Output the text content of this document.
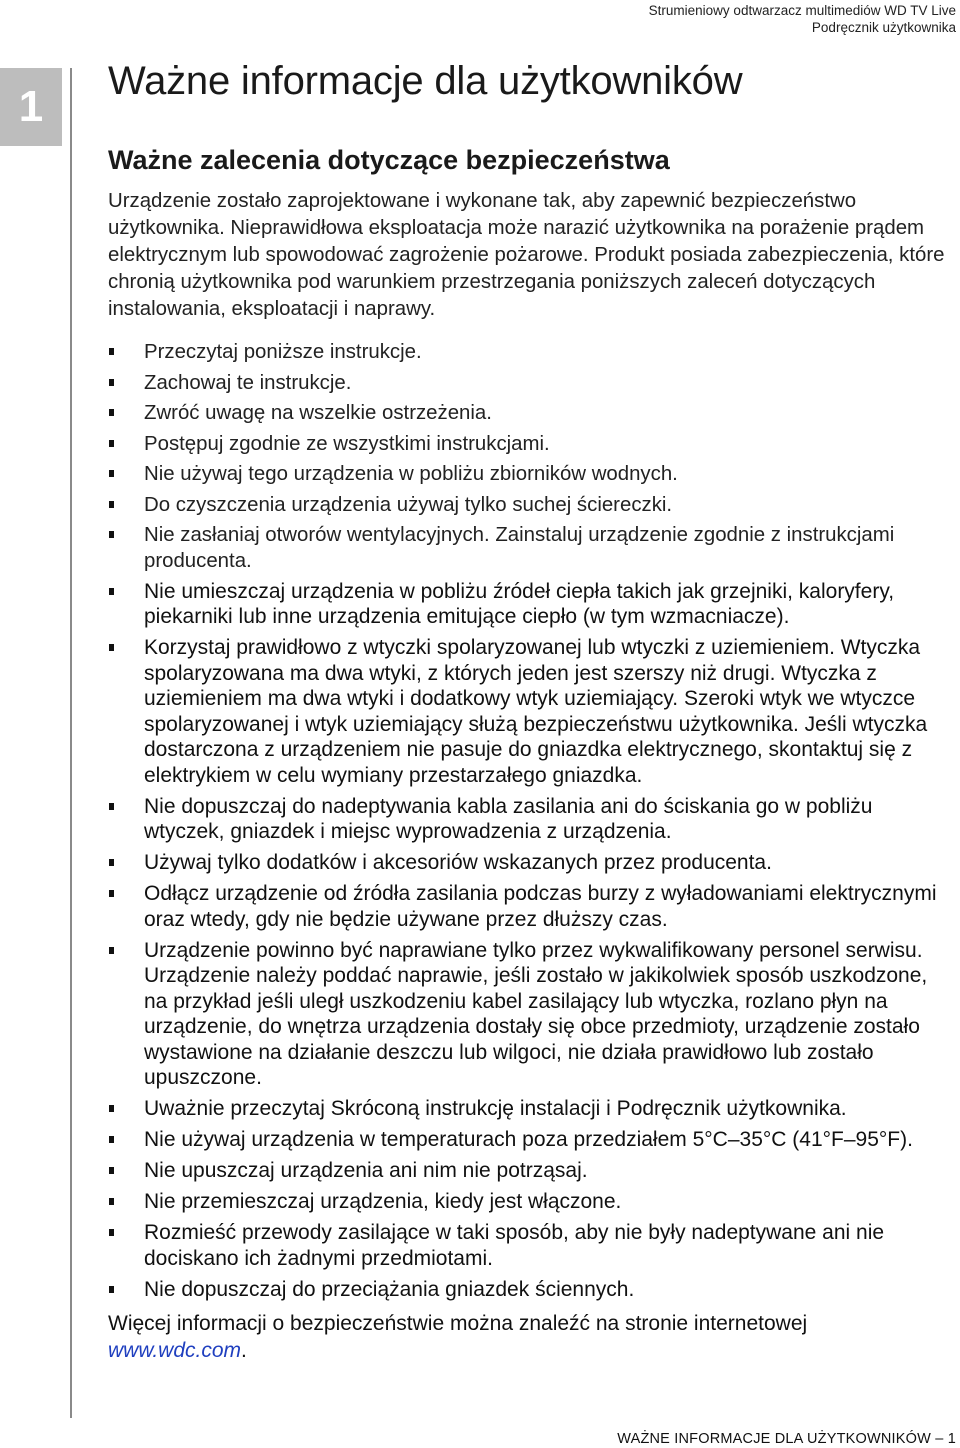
Strumieniowy odtwarzacz multimediów WD TV Live
Podręcznik użytkownika
1
Ważne informacje dla użytkowników
Ważne zalecenia dotyczące bezpieczeństwa

Urządzenie zostało zaprojektowane i wykonane tak, aby zapewnić bezpieczeństwo użytkownika. Nieprawidłowa eksploatacja może narazić użytkownika na porażenie prądem elektrycznym lub spowodować zagrożenie pożarowe. Produkt posiada zabezpieczenia, które chronią użytkownika pod warunkiem przestrzegania poniższych zaleceń dotyczących instalowania, eksploatacji i naprawy.

Przeczytaj poniższe instrukcje.
Zachowaj te instrukcje.
Zwróć uwagę na wszelkie ostrzeżenia.
Postępuj zgodnie ze wszystkimi instrukcjami.
Nie używaj tego urządzenia w pobliżu zbiorników wodnych.
Do czyszczenia urządzenia używaj tylko suchej ściereczki.
Nie zasłaniaj otworów wentylacyjnych. Zainstaluj urządzenie zgodnie z instrukcjami producenta.
Nie umieszczaj urządzenia w pobliżu źródeł ciepła takich jak grzejniki, kaloryfery, piekarniki lub inne urządzenia emitujące ciepło (w tym wzmacniacze).
Korzystaj prawidłowo z wtyczki spolaryzowanej lub wtyczki z uziemieniem. Wtyczka spolaryzowana ma dwa wtyki, z których jeden jest szerszy niż drugi. Wtyczka z uziemieniem ma dwa wtyki i dodatkowy wtyk uziemiający. Szeroki wtyk we wtyczce spolaryzowanej i wtyk uziemiający służą bezpieczeństwu użytkownika. Jeśli wtyczka dostarczona z urządzeniem nie pasuje do gniazdka elektrycznego, skontaktuj się z elektrykiem w celu wymiany przestarzałego gniazdka.
Nie dopuszczaj do nadeptywania kabla zasilania ani do ściskania go w pobliżu wtyczek, gniazdek i miejsc wyprowadzenia z urządzenia.
Używaj tylko dodatków i akcesoriów wskazanych przez producenta.
Odłącz urządzenie od źródła zasilania podczas burzy z wyładowaniami elektrycznymi oraz wtedy, gdy nie będzie używane przez dłuższy czas.
Urządzenie powinno być naprawiane tylko przez wykwalifikowany personel serwisu. Urządzenie należy poddać naprawie, jeśli zostało w jakikolwiek sposób uszkodzone, na przykład jeśli uległ uszkodzeniu kabel zasilający lub wtyczka, rozlano płyn na urządzenie, do wnętrza urządzenia dostały się obce przedmioty, urządzenie zostało wystawione na działanie deszczu lub wilgoci, nie działa prawidłowo lub zostało upuszczone.
Uważnie przeczytaj Skróconą instrukcję instalacji i Podręcznik użytkownika.
Nie używaj urządzenia w temperaturach poza przedziałem 5°C–35°C (41°F–95°F).
Nie upuszczaj urządzenia ani nim nie potrząsaj.
Nie przemieszczaj urządzenia, kiedy jest włączone.
Rozmieść przewody zasilające w taki sposób, aby nie były nadeptywane ani nie dociskano ich żadnymi przedmiotami.
Nie dopuszczaj do przeciążania gniazdek ściennych.

Więcej informacji o bezpieczeństwie można znaleźć na stronie internetowej
www.wdc.com.

WAŻNE INFORMACJE DLA UŻYTKOWNIKÓW – 1
